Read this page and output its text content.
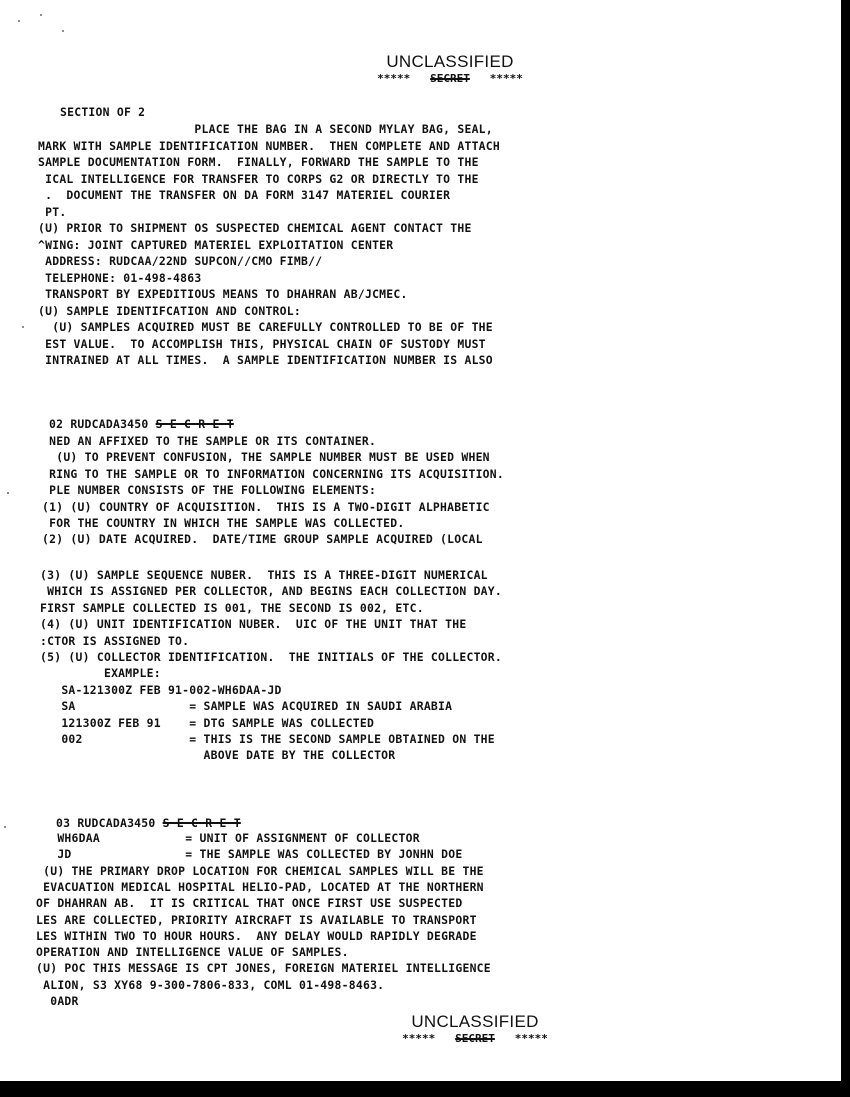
UNCLASSIFIED
***** SECRET *****
SECTION OF 2
PLACE THE BAG IN A SECOND MYLAY BAG, SEAL,
MARK WITH SAMPLE IDENTIFICATION NUMBER.  THEN COMPLETE AND ATTACH
SAMPLE DOCUMENTATION FORM.  FINALLY, FORWARD THE SAMPLE TO THE
ICAL INTELLIGENCE FOR TRANSFER TO CORPS G2 OR DIRECTLY TO THE
.  DOCUMENT THE TRANSFER ON DA FORM 3147 MATERIEL COURIER
PT.
(U) PRIOR TO SHIPMENT OS SUSPECTED CHEMICAL AGENT CONTACT THE
^WING: JOINT CAPTURED MATERIEL EXPLOITATION CENTER
ADDRESS: RUDCAA/22ND SUPCON//CMO FIMB//
TELEPHONE: 01-498-4863
TRANSPORT BY EXPEDITIOUS MEANS TO DHAHRAN AB/JCMEC.
(U) SAMPLE IDENTIFCATION AND CONTROL:
(U) SAMPLES ACQUIRED MUST BE CAREFULLY CONTROLLED TO BE OF THE
EST VALUE.  TO ACCOMPLISH THIS, PHYSICAL CHAIN OF SUSTODY MUST
INTRAINED AT ALL TIMES.  A SAMPLE IDENTIFICATION NUMBER IS ALSO
02 RUDCADA3450 S E C R E T
NED AN AFFIXED TO THE SAMPLE OR ITS CONTAINER.
(U) TO PREVENT CONFUSION, THE SAMPLE NUMBER MUST BE USED WHEN
RING TO THE SAMPLE OR TO INFORMATION CONCERNING ITS ACQUISITION.
PLE NUMBER CONSISTS OF THE FOLLOWING ELEMENTS:
(1) (U) COUNTRY OF ACQUISITION.  THIS IS A TWO-DIGIT ALPHABETIC
FOR THE COUNTRY IN WHICH THE SAMPLE WAS COLLECTED.
(2) (U) DATE ACQUIRED.  DATE/TIME GROUP SAMPLE ACQUIRED (LOCAL
(3) (U) SAMPLE SEQUENCE NUBER.  THIS IS A THREE-DIGIT NUMERICAL
WHICH IS ASSIGNED PER COLLECTOR, AND BEGINS EACH COLLECTION DAY.
FIRST SAMPLE COLLECTED IS 001, THE SECOND IS 002, ETC.
(4) (U) UNIT IDENTIFICATION NUBER.  UIC OF THE UNIT THAT THE
:CTOR IS ASSIGNED TO.
(5) (U) COLLECTOR IDENTIFICATION.  THE INITIALS OF THE COLLECTOR.
EXAMPLE:
SA-121300Z FEB 91-002-WH6DAA-JD
SA                = SAMPLE WAS ACQUIRED IN SAUDI ARABIA
121300Z FEB 91    = DTG SAMPLE WAS COLLECTED
002               = THIS IS THE SECOND SAMPLE OBTAINED ON THE
ABOVE DATE BY THE COLLECTOR
03 RUDCADA3450 S E C R E T
WH6DAA            = UNIT OF ASSIGNMENT OF COLLECTOR
JD                = THE SAMPLE WAS COLLECTED BY JONHN DOE
(U) THE PRIMARY DROP LOCATION FOR CHEMICAL SAMPLES WILL BE THE
EVACUATION MEDICAL HOSPITAL HELIO-PAD, LOCATED AT THE NORTHERN
OF DHAHRAN AB.  IT IS CRITICAL THAT ONCE FIRST USE SUSPECTED
LES ARE COLLECTED, PRIORITY AIRCRAFT IS AVAILABLE TO TRANSPORT
LES WITHIN TWO TO HOUR HOURS.  ANY DELAY WOULD RAPIDLY DEGRADE
OPERATION AND INTELLIGENCE VALUE OF SAMPLES.
(U) POC THIS MESSAGE IS CPT JONES, FOREIGN MATERIEL INTELLIGENCE
ALION, S3 XY68 9-300-7806-833, COML 01-498-8463.
0ADR
UNCLASSIFIED
***** SECRET *****
